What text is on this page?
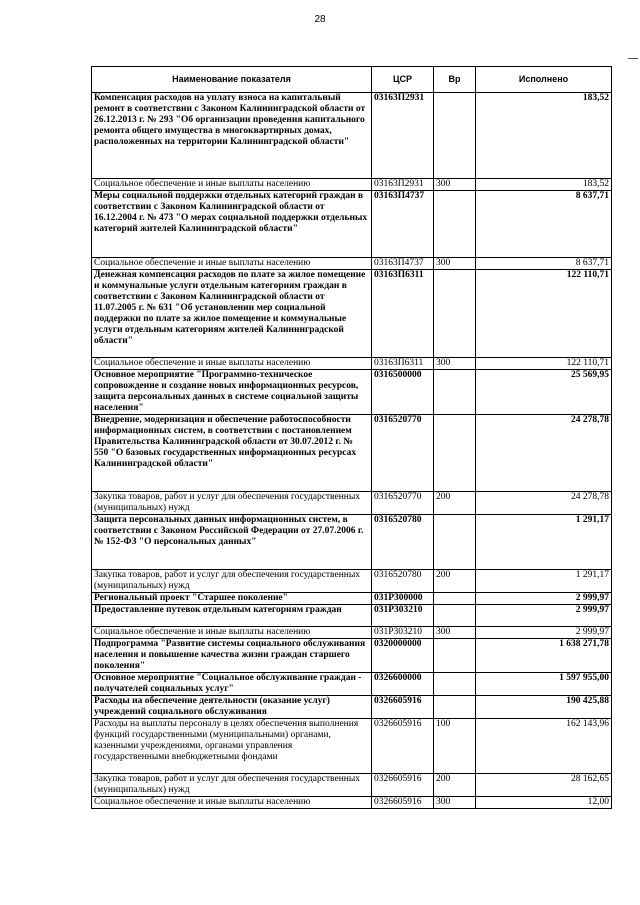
28
Наименование показателя	ЦСР	Вр	Исполнено
Компенсация расходов на уплату взноса на капитальный ремонт в соответствии с Законом Калининградской области от 26.12.2013 г. № 293 "Об организации проведения капитального ремонта общего имущества в многоквартирных домах, расположенных на территории Калининградской области"	03163П2931		183,52
Социальное обеспечение и иные выплаты населению	03163П2931	300	183,52
Меры социальной поддержки отдельных категорий граждан в соответствии с Законом Калининградской области от 16.12.2004 г. № 473 "О мерах социальной поддержки отдельных категорий жителей Калининградской области"	03163П4737		8 637,71
Социальное обеспечение и иные выплаты населению	03163П4737	300	8 637,71
Денежная компенсация расходов по плате за жилое помещение и коммунальные услуги отдельным категориям граждан в соответствии с Законом Калининградской области от 11.07.2005 г. № 631 "Об установлении мер социальной поддержки по плате за жилое помещение и коммунальные услуги отдельным категориям жителей Калининградской области"	03163П6311		122 110,71
Социальное обеспечение и иные выплаты населению	03163П6311	300	122 110,71
Основное мероприятие "Программно-техническое сопровождение и создание новых информационных ресурсов, защита персональных данных в системе социальной защиты населения"	0316500000		25 569,95
Внедрение, модернизация и обеспечение работоспособности информационных систем, в соответствии с постановлением Правительства Калининградской области от 30.07.2012 г. № 550 "О базовых государственных информационных ресурсах Калининградской области"	0316520770		24 278,78
Закупка товаров, работ и услуг для обеспечения государственных (муниципальных) нужд	0316520770	200	24 278,78
Защита персональных данных информационных систем, в соответствии с Законом Российской Федерации от 27.07.2006 г. № 152-ФЗ "О персональных данных"	0316520780		1 291,17
Закупка товаров, работ и услуг для обеспечения государственных (муниципальных) нужд	0316520780	200	1 291,17
Региональный проект "Старшее поколение"	031P300000		2 999,97
Предоставление путевок отдельным категориям граждан	031P303210		2 999,97
Социальное обеспечение и иные выплаты населению	031P303210	300	2 999,97
Подпрограмма "Развитие системы социального обслуживания населения и повышение качества жизни граждан старшего поколения"	0320000000		1 638 271,78
Основное мероприятие "Социальное обслуживание граждан - получателей социальных услуг"	0326600000		1 597 955,00
Расходы на обеспечение деятельности (оказание услуг) учреждений социального обслуживания	0326605916		190 425,88
Расходы на выплаты персоналу в целях обеспечения выполнения функций государственными (муниципальными) органами, казенными учреждениями, органами управления государственными внебюджетными фондами	0326605916	100	162 143,96
Закупка товаров, работ и услуг для обеспечения государственных (муниципальных) нужд	0326605916	200	28 162,65
Социальное обеспечение и иные выплаты населению	0326605916	300	12,00
